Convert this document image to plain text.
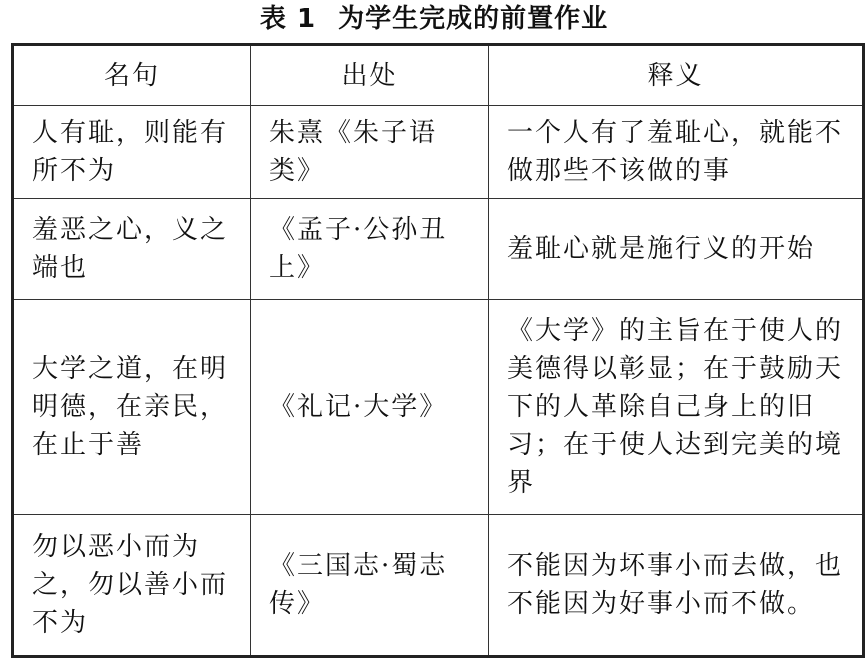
表 1 为学生完成的前置作业
名句	出处	释义

人有耻，则能有所不为	朱熹《朱子语类》	一个人有了羞耻心，就能不做那些不该做的事

羞恶之心，义之端也	《孟子·公孙丑上》	羞耻心就是施行义的开始

大学之道，在明明德，在亲民，在止于善	《礼记·大学》	《大学》的主旨在于使人的美德得以彰显；在于鼓励天下的人革除自己身上的旧习；在于使人达到完美的境界

勿以恶小而为之，勿以善小而不为	《三国志·蜀志传》	不能因为坏事小而去做，也不能因为好事小而不做。
